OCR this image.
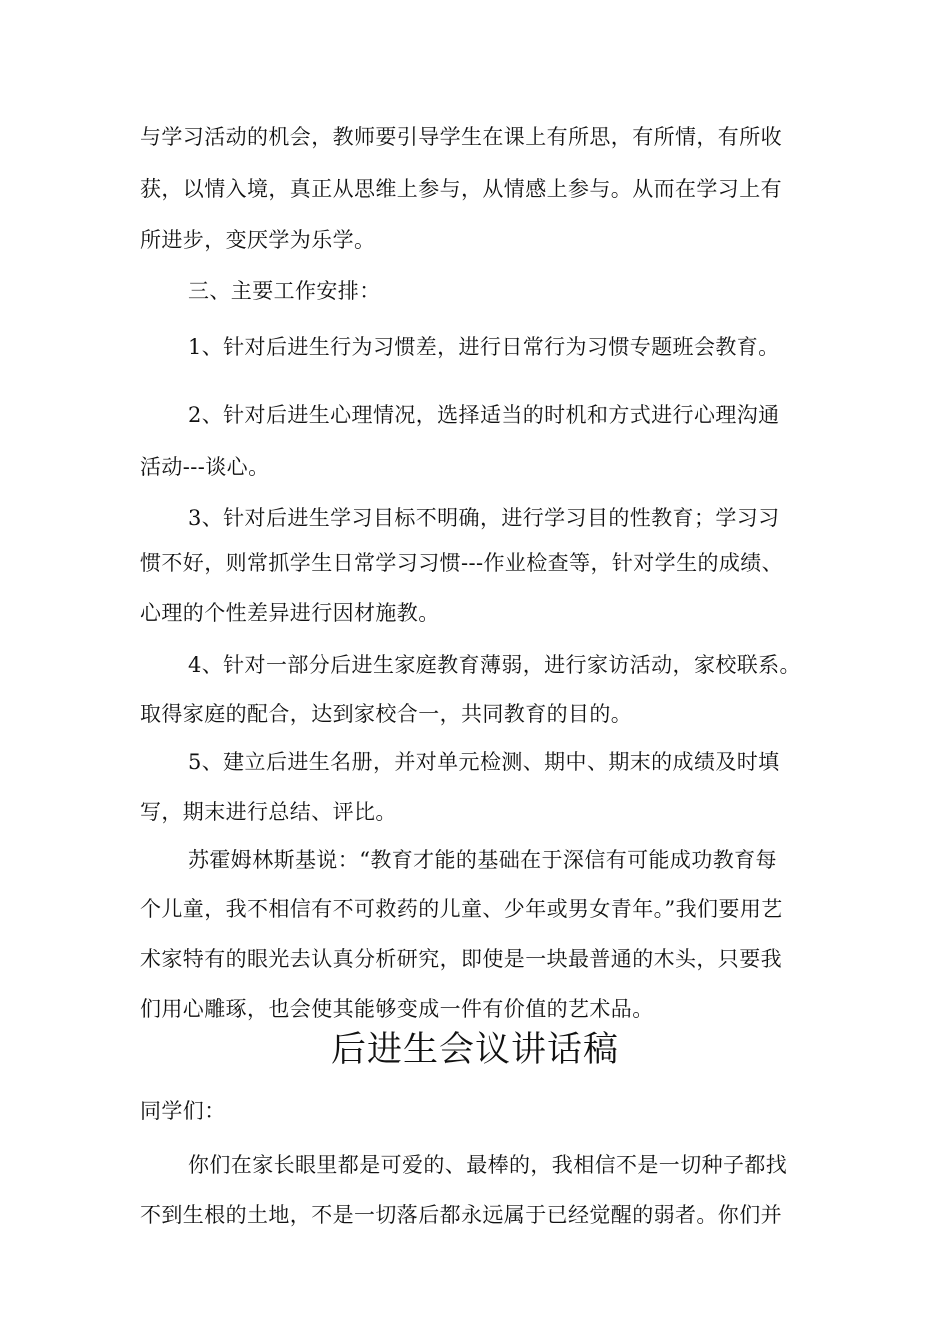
与学习活动的机会，教师要引导学生在课上有所思，有所情，有所收
获，以情入境，真正从思维上参与，从情感上参与。从而在学习上有
所进步，变厌学为乐学。
三、主要工作安排：
1、针对后进生行为习惯差，进行日常行为习惯专题班会教育。
2、针对后进生心理情况，选择适当的时机和方式进行心理沟通
活动---谈心。
3、针对后进生学习目标不明确，进行学习目的性教育；学习习
惯不好，则常抓学生日常学习习惯---作业检查等，针对学生的成绩、
心理的个性差异进行因材施教。
4、针对一部分后进生家庭教育薄弱，进行家访活动，家校联系。
取得家庭的配合，达到家校合一，共同教育的目的。
5、建立后进生名册，并对单元检测、期中、期末的成绩及时填
写，期末进行总结、评比。
苏霍姆林斯基说：“教育才能的基础在于深信有可能成功教育每
个儿童，我不相信有不可救药的儿童、少年或男女青年。”我们要用艺
术家特有的眼光去认真分析研究，即使是一块最普通的木头，只要我
们用心雕琢，也会使其能够变成一件有价值的艺术品。
后进生会议讲话稿
同学们：
你们在家长眼里都是可爱的、最棒的，我相信不是一切种子都找
不到生根的土地，不是一切落后都永远属于已经觉醒的弱者。你们并
